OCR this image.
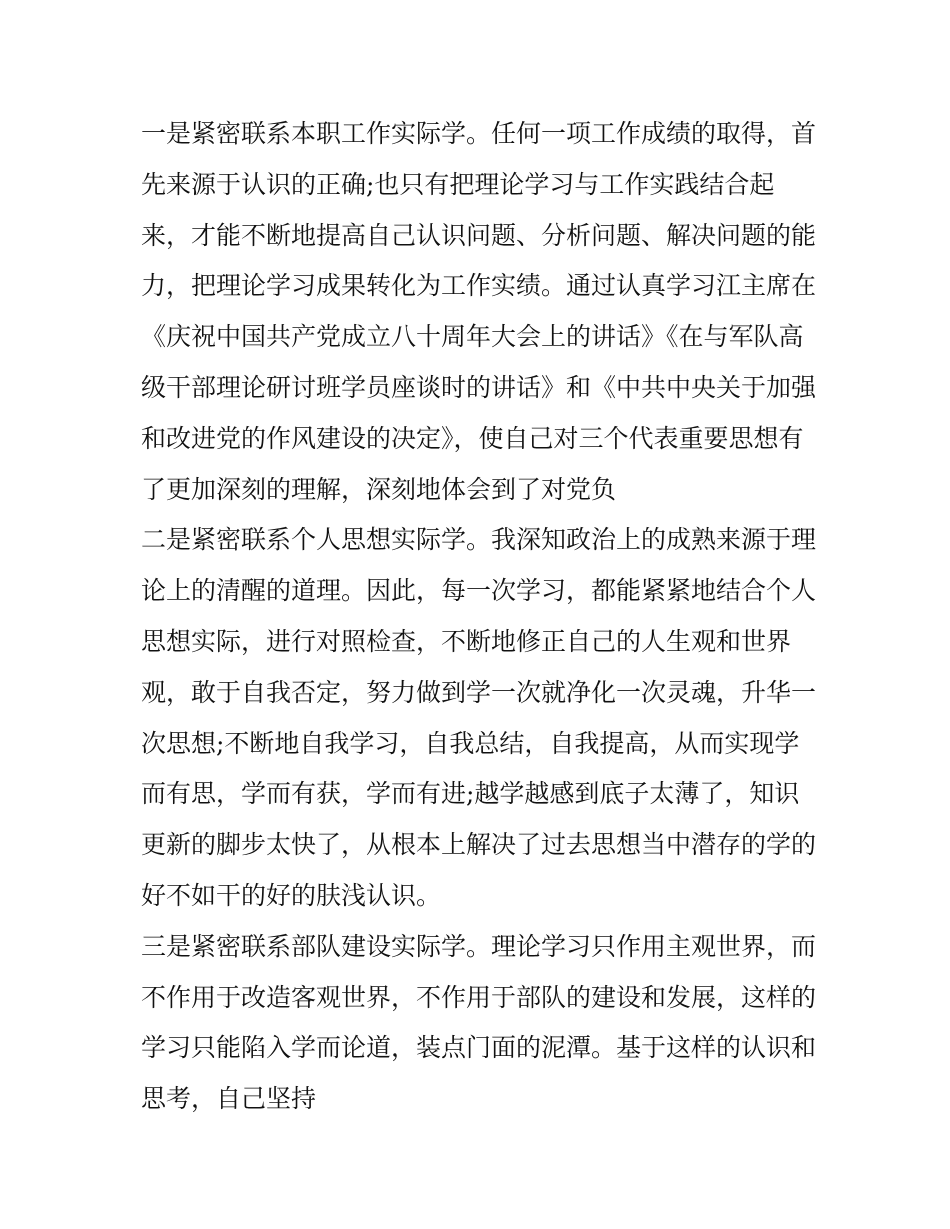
一是紧密联系本职工作实际学。任何一项工作成绩的取得，首
先来源于认识的正确;也只有把理论学习与工作实践结合起
来，才能不断地提高自己认识问题、分析问题、解决问题的能
力，把理论学习成果转化为工作实绩。通过认真学习江主席在
《庆祝中国共产党成立八十周年大会上的讲话》《在与军队高
级干部理论研讨班学员座谈时的讲话》和《中共中央关于加强
和改进党的作风建设的决定》，使自己对三个代表重要思想有
了更加深刻的理解，深刻地体会到了对党负
二是紧密联系个人思想实际学。我深知政治上的成熟来源于理
论上的清醒的道理。因此，每一次学习，都能紧紧地结合个人
思想实际，进行对照检查，不断地修正自己的人生观和世界
观，敢于自我否定，努力做到学一次就净化一次灵魂，升华一
次思想;不断地自我学习，自我总结，自我提高，从而实现学
而有思，学而有获，学而有进;越学越感到底子太薄了，知识
更新的脚步太快了，从根本上解决了过去思想当中潜存的学的
好不如干的好的肤浅认识。
三是紧密联系部队建设实际学。理论学习只作用主观世界，而
不作用于改造客观世界，不作用于部队的建设和发展，这样的
学习只能陷入学而论道，装点门面的泥潭。基于这样的认识和
思考，自己坚持
